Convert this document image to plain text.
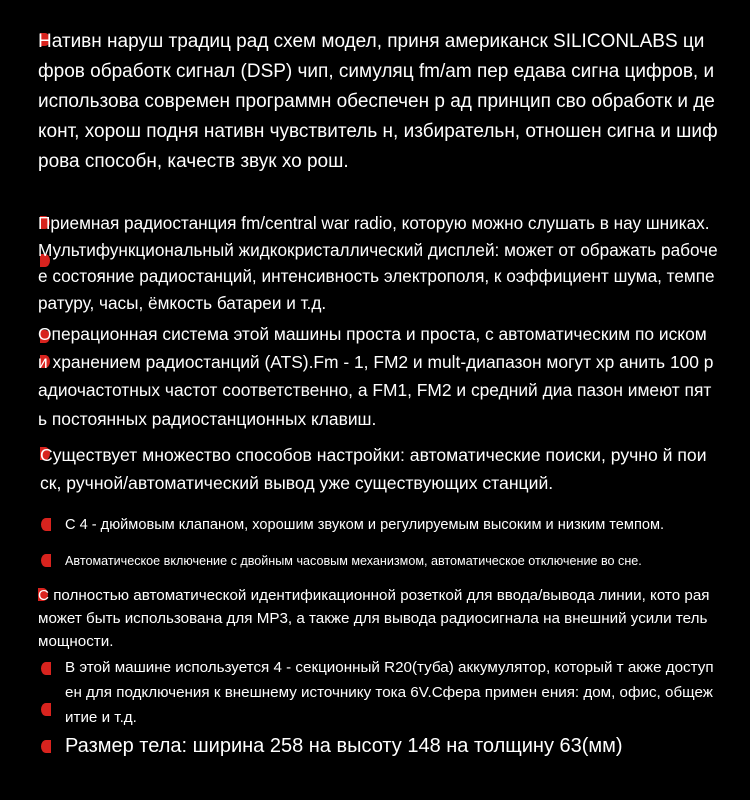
Нативн наруш традиц рад схем модел, приня американск SILICONLABS цифров обработк сигнал (DSP) чип, симуляц fm/am пер едава сигна цифров, и использова современ программн обеспечен р ад принцип сво обработк и деконт, хорош подня нативн чувствитель н, избирательн, отношен сигна и шифрова способн, качеств звук хо рош.
Приемная радиостанция fm/central war radio, которую можно слушать в нау шниках.Мультифункциональный жидкокристаллический дисплей: может от ображать рабочее состояние радиостанций, интенсивность электрополя, к оэффициент шума, температуру, часы, ёмкость батареи и т.д.
Операционная система этой машины проста и проста, с автоматическим по иском и хранением радиостанций (ATS).Fm - 1, FM2 и mult-диапазон могут хр анить 100 радиочастотных частот соответственно, а FM1, FM2 и средний диа пазон имеют пять постоянных радиостанционных клавиш.
Существует множество способов настройки: автоматические поиски, ручно й поиск, ручной/автоматический вывод уже существующих станций.
С 4 - дюймовым клапаном, хорошим звуком и регулируемым высоким и низким темпом.
Автоматическое включение с двойным часовым механизмом, автоматическое отключение во сне.
С полностью автоматической идентификационной розеткой для ввода/вывода линии, кото рая может быть использована для MP3, а также для вывода радиосигнала на внешний усили тель мощности.
В этой машине используется 4 - секционный R20(туба) аккумулятор, который т акже доступен для подключения к внешнему источнику тока 6V.Сфера примен ения: дом, офис, общежитие и т.д.
Размер тела: ширина 258 на высоту 148 на толщину 63(мм)
